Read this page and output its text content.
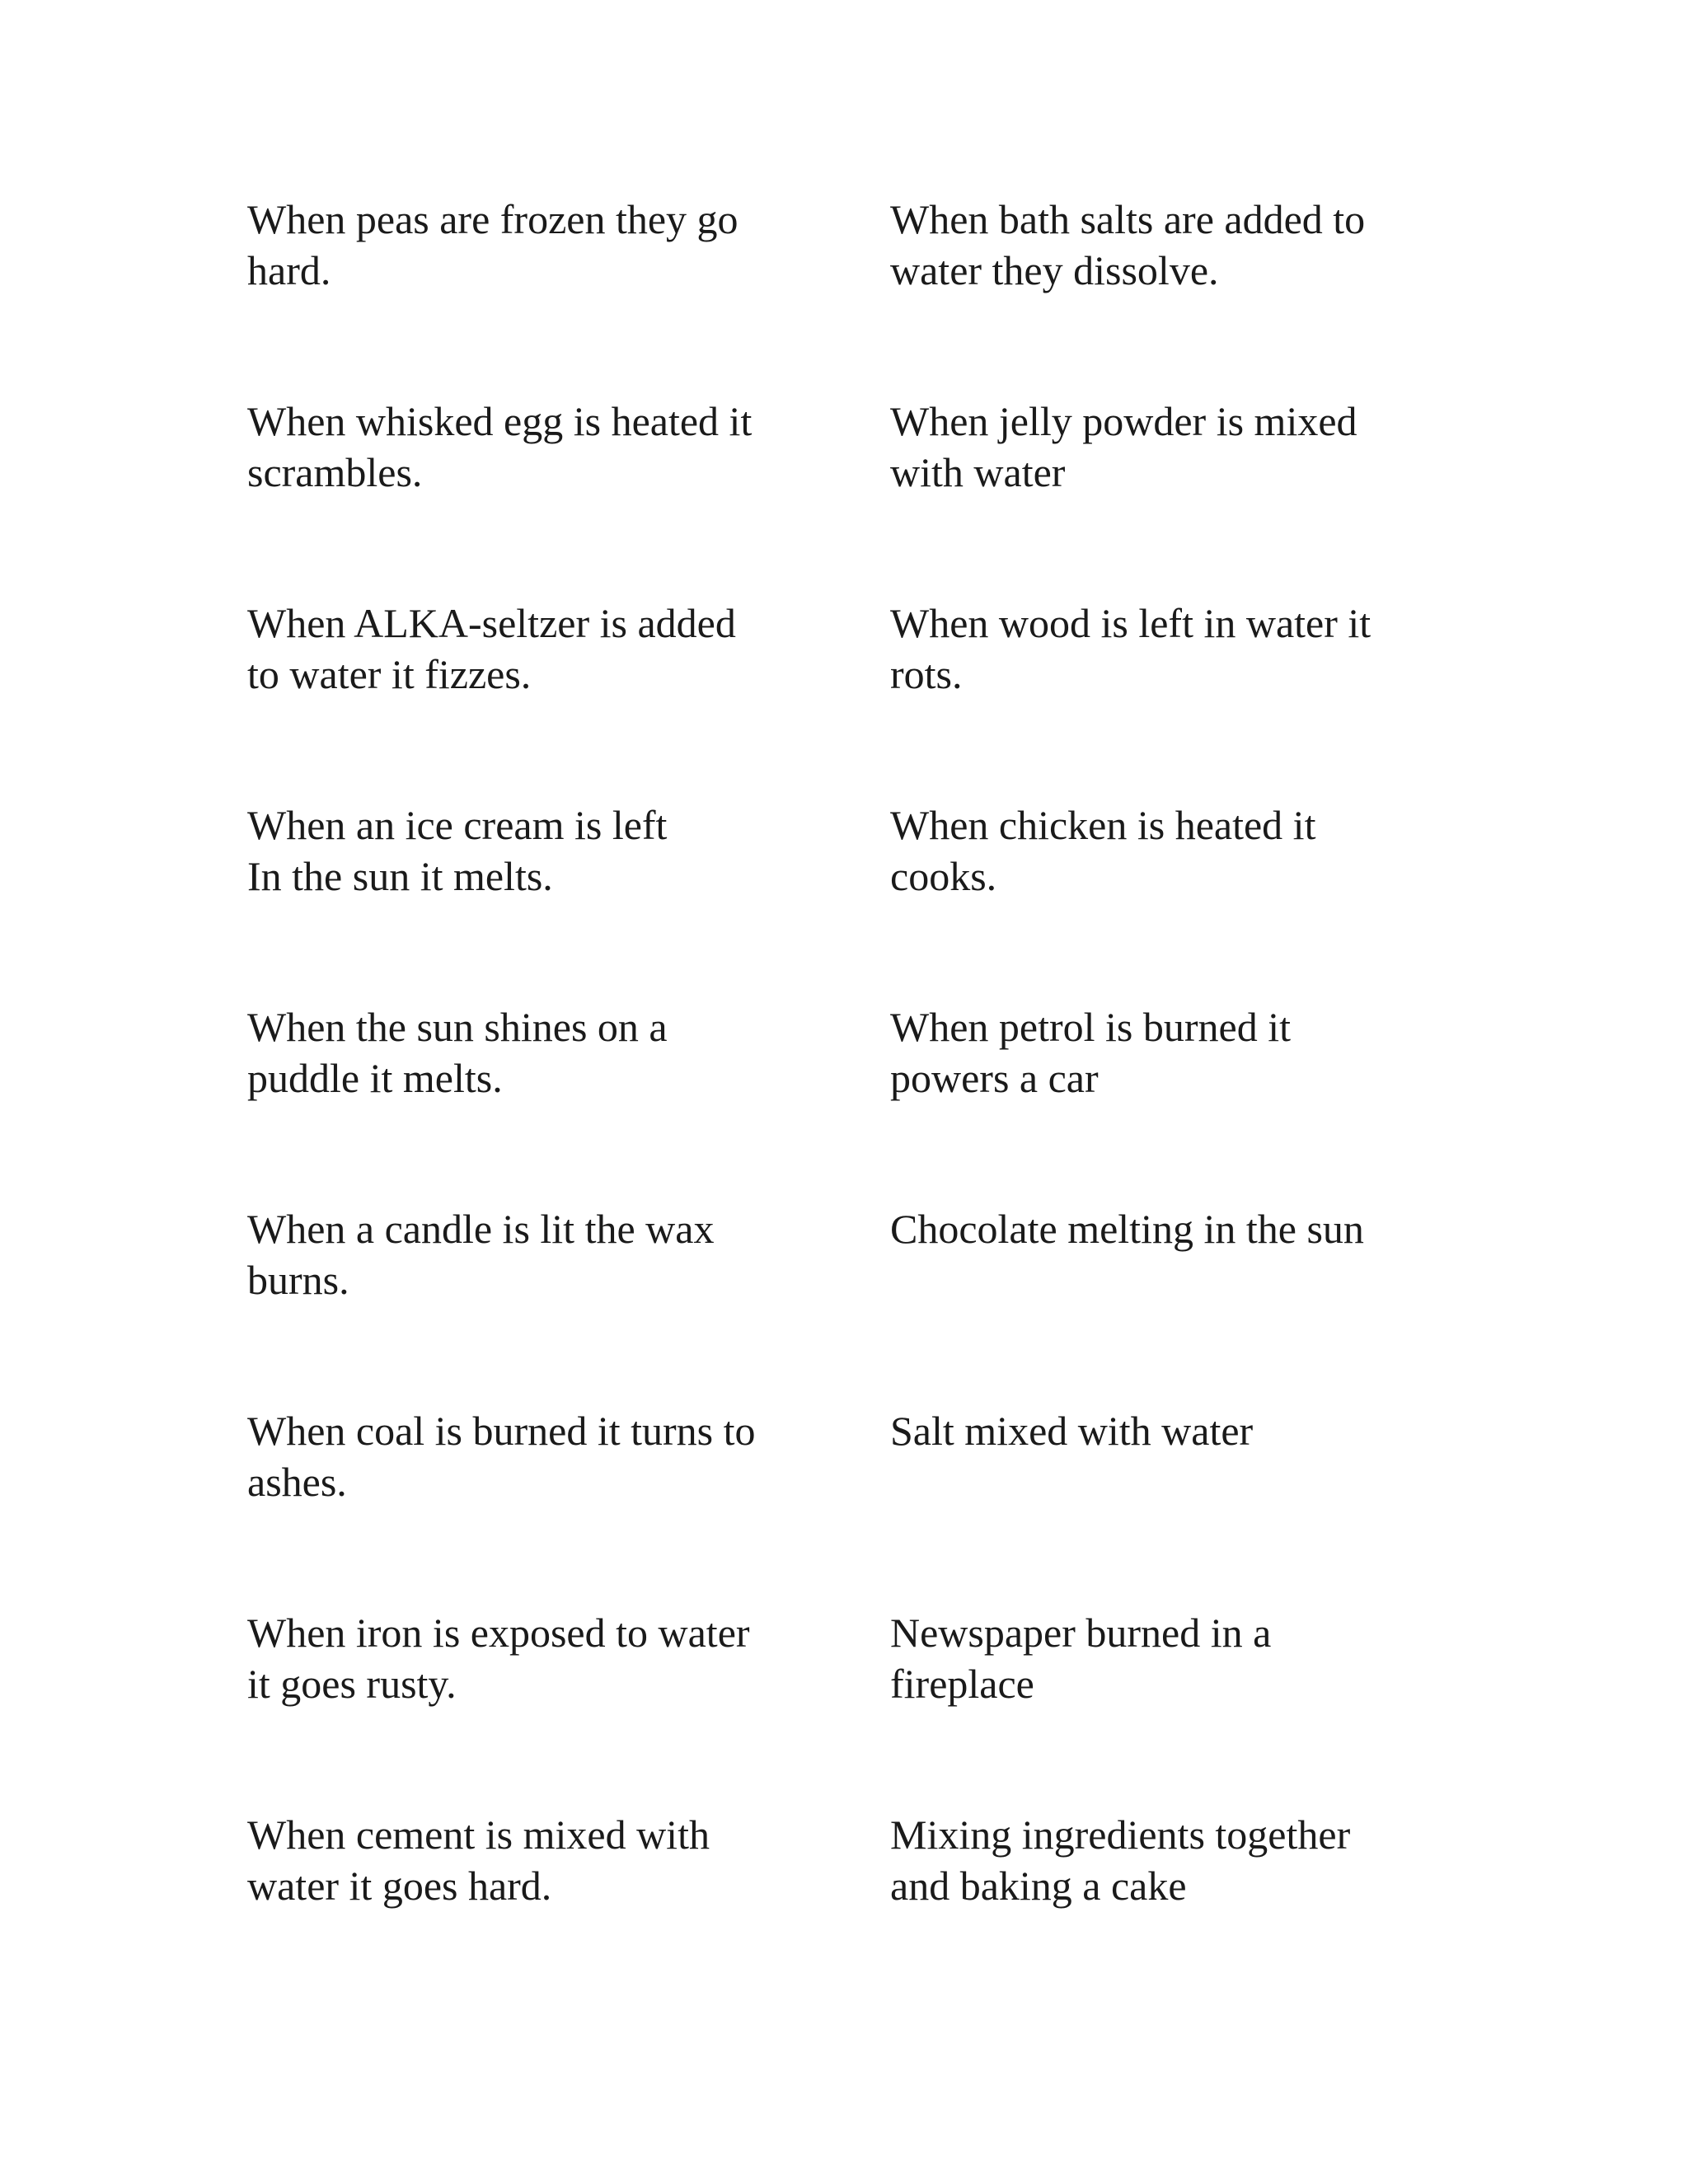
When peas are frozen they go
hard.
When bath salts are added to
water they dissolve.
When whisked egg is heated it
scrambles.
When jelly powder is mixed
with water
When ALKA-seltzer is added
to water it fizzes.
When wood is left in water it
rots.
When an ice cream is left
In the sun it melts.
When chicken is heated it
cooks.
When the sun shines on a
puddle it melts.
When petrol is burned it
powers a car
When a candle is lit the wax
burns.
Chocolate melting in the sun
When coal is burned it turns to
ashes.
Salt mixed with water
When iron is exposed to water
it goes rusty.
Newspaper burned in a
fireplace
When cement is mixed with
water it goes hard.
Mixing ingredients together
and baking a cake
